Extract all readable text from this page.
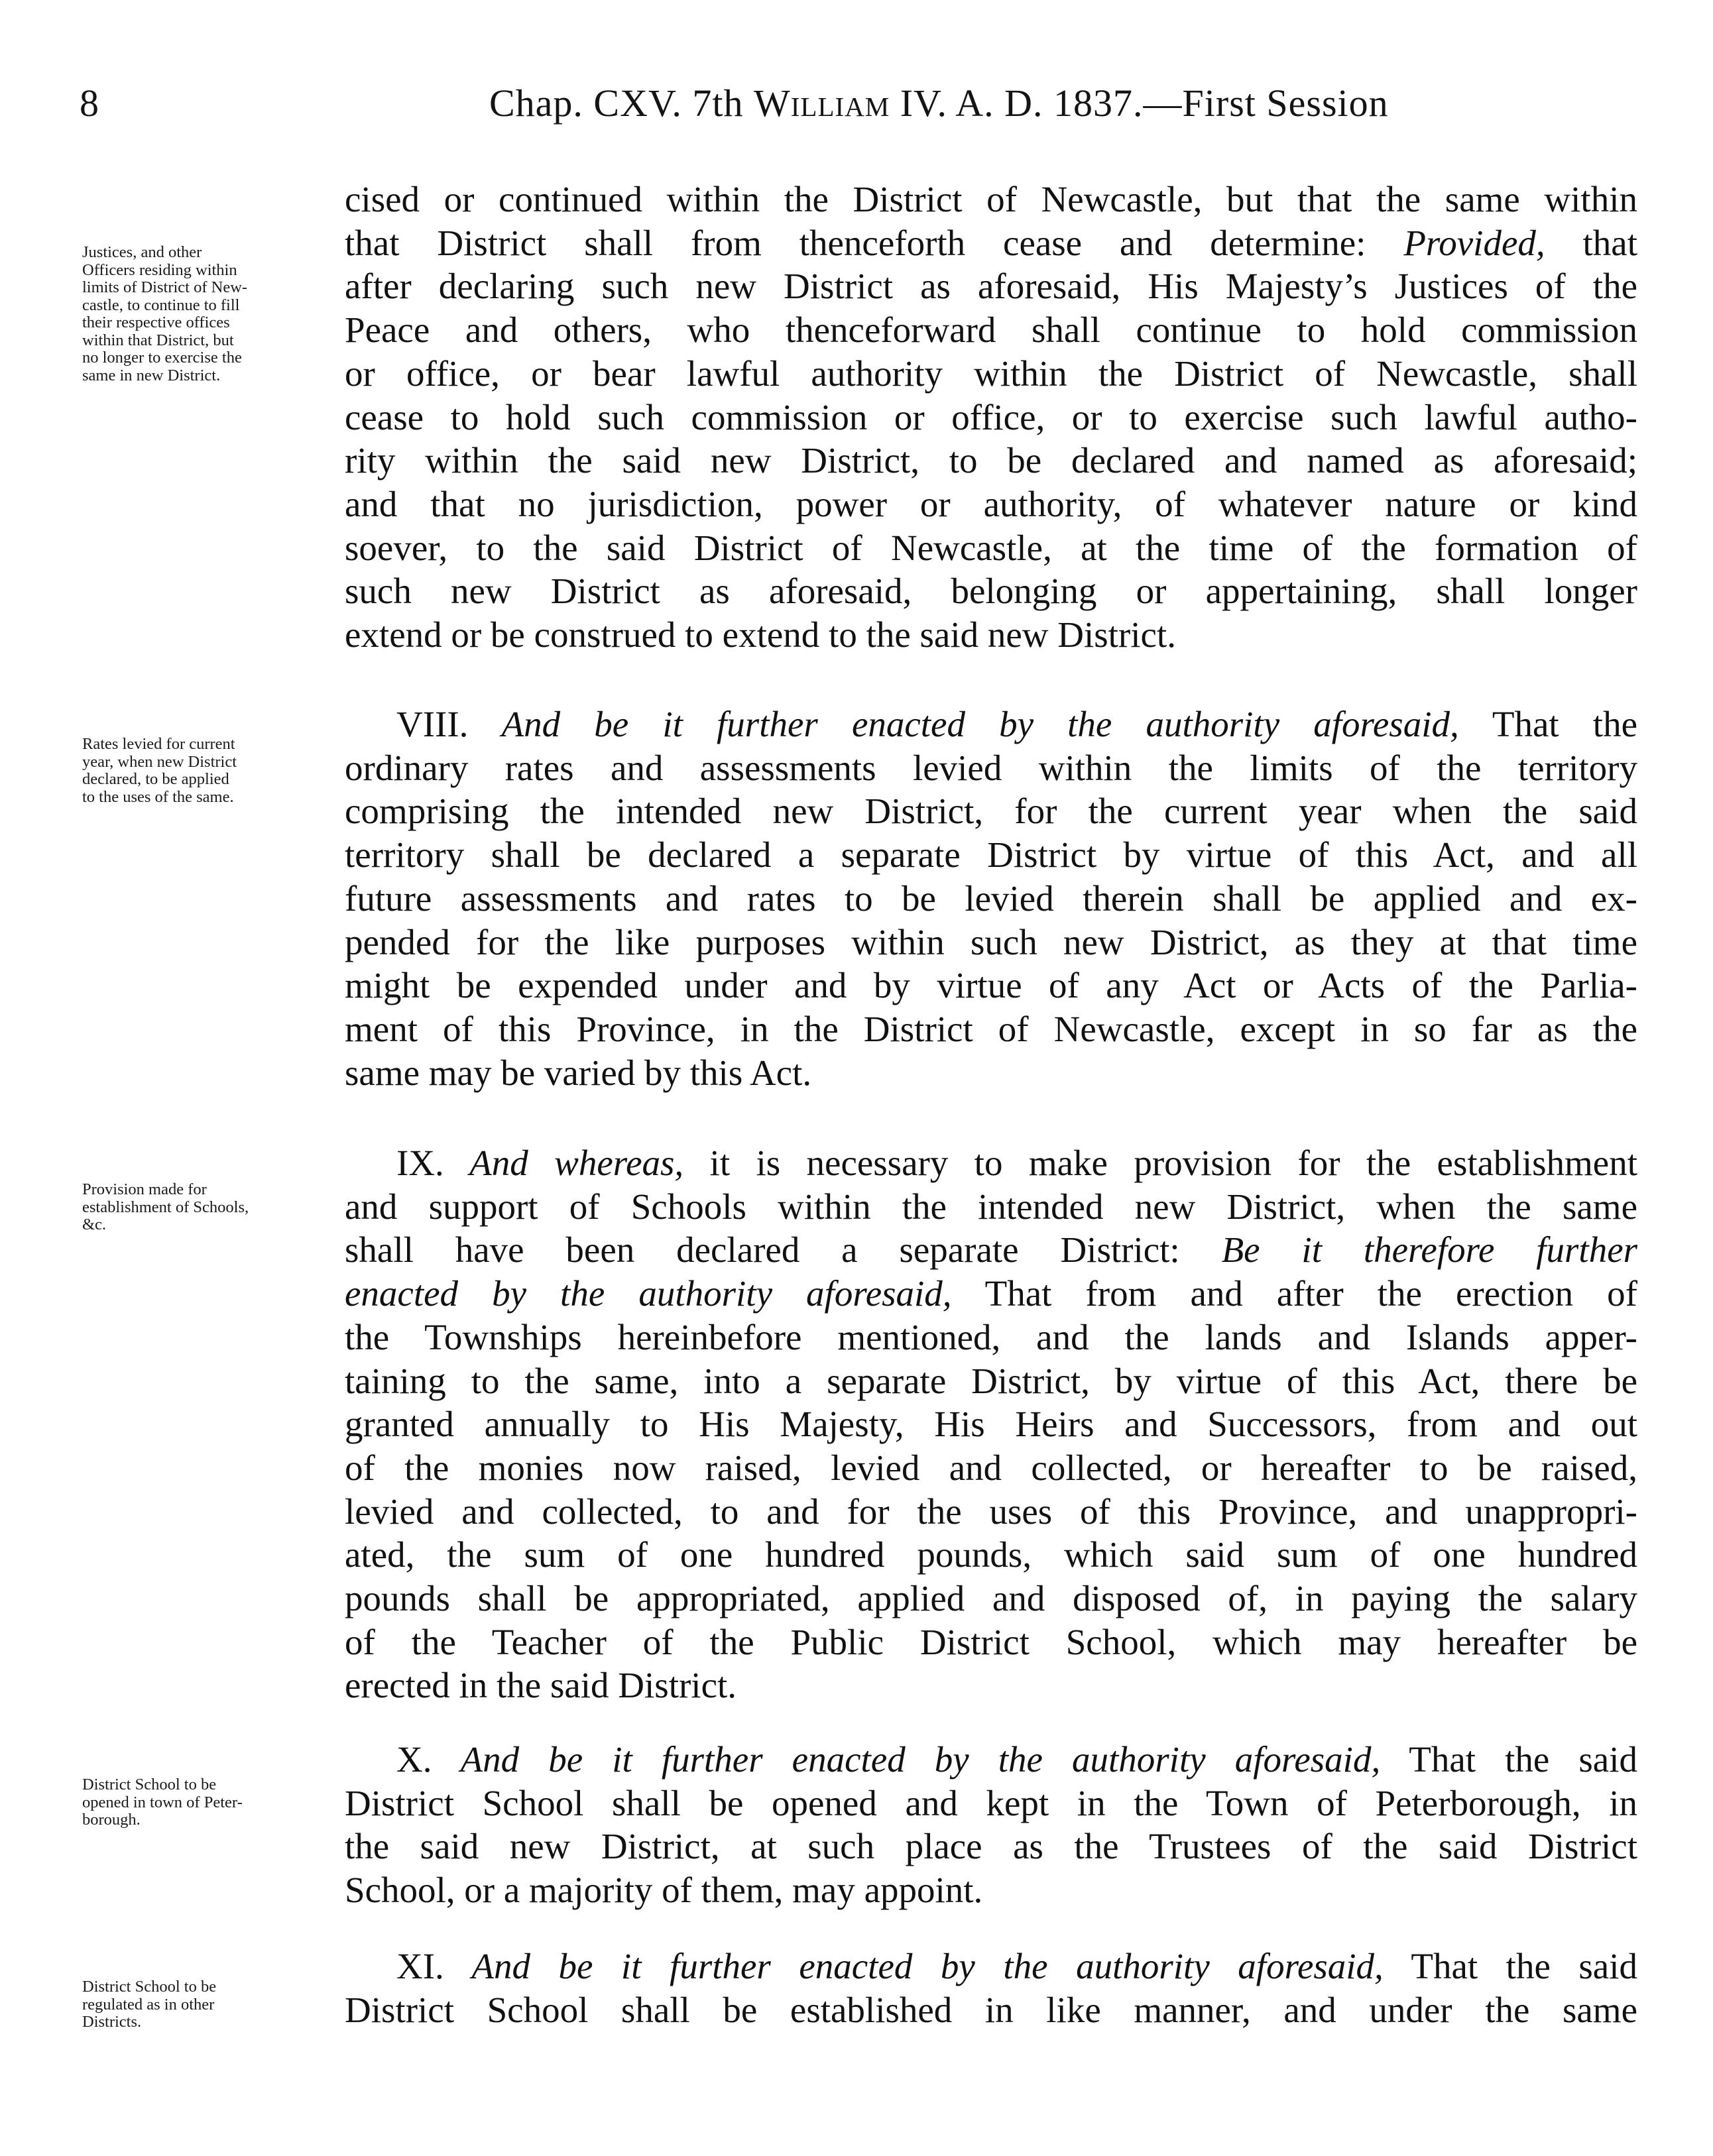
8	Chap. CXV. 7th William IV. A. D. 1837.—First Session
Justices, and other
Officers residing within
limits of District of New-
castle, to continue to fill
their respective offices
within that District, but
no longer to exercise the
same in new District.
Rates levied for current
year, when new District
declared, to be applied
to the uses of the same.
Provision made for
establishment of Schools,
&c.
District School to be
opened in town of Peter-
borough.
District School to be
regulated as in other
Districts.
cised or continued within the District of Newcastle, but that the same within
that District shall from thenceforth cease and determine: Provided, that
after declaring such new District as aforesaid, His Majesty’s Justices of the
Peace and others, who thenceforward shall continue to hold commission
or office, or bear lawful authority within the District of Newcastle, shall
cease to hold such commission or office, or to exercise such lawful autho-
rity within the said new District, to be declared and named as aforesaid;
and that no jurisdiction, power or authority, of whatever nature or kind
soever, to the said District of Newcastle, at the time of the formation of
such new District as aforesaid, belonging or appertaining, shall longer
extend or be construed to extend to the said new District.
VIII. And be it further enacted by the authority aforesaid, That the
ordinary rates and assessments levied within the limits of the territory
comprising the intended new District, for the current year when the said
territory shall be declared a separate District by virtue of this Act, and all
future assessments and rates to be levied therein shall be applied and ex-
pended for the like purposes within such new District, as they at that time
might be expended under and by virtue of any Act or Acts of the Parlia-
ment of this Province, in the District of Newcastle, except in so far as the
same may be varied by this Act.
IX. And whereas, it is necessary to make provision for the establishment
and support of Schools within the intended new District, when the same
shall have been declared a separate District: Be it therefore further
enacted by the authority aforesaid, That from and after the erection of
the Townships hereinbefore mentioned, and the lands and Islands apper-
taining to the same, into a separate District, by virtue of this Act, there be
granted annually to His Majesty, His Heirs and Successors, from and out
of the monies now raised, levied and collected, or hereafter to be raised,
levied and collected, to and for the uses of this Province, and unappropri-
ated, the sum of one hundred pounds, which said sum of one hundred
pounds shall be appropriated, applied and disposed of, in paying the salary
of the Teacher of the Public District School, which may hereafter be
erected in the said District.
X. And be it further enacted by the authority aforesaid, That the said
District School shall be opened and kept in the Town of Peterborough, in
the said new District, at such place as the Trustees of the said District
School, or a majority of them, may appoint.
XI. And be it further enacted by the authority aforesaid, That the said
District School shall be established in like manner, and under the same
